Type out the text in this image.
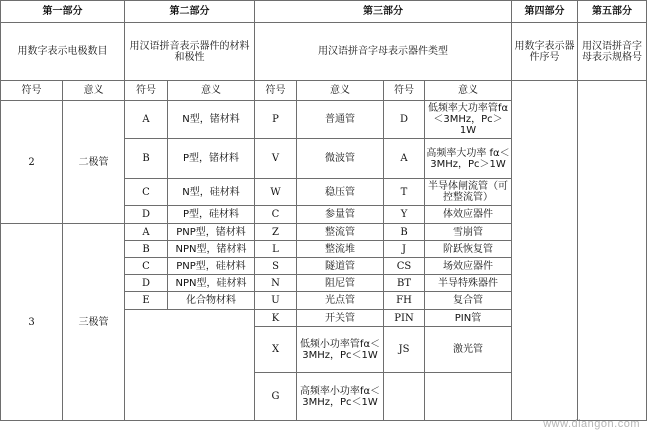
第一部分		第二部分		第三部分				第四部分	第五部分
用数字表示电极数目		用汉语拼音表示器件的材料和极性		用汉语拼音字母表示器件类型				用数字表示器件序号	用汉语拼音字母表示规格号
符号	意义	符号	意义	符号	意义	符号	意义		
2	二极管	A	N型，锗材料	P	普通管	D	低频率大功率管fα＜3MHz，Pc＞1W		
		B	P型，锗材料	V	微波管	A	高频率大功率 fα＜3MHz，Pc＞1W		
		C	N型，硅材料	W	稳压管	T	半导体闸流管（可控整流管）		
		D	P型，硅材料	C	参量管	Y	体效应器件		
3	三极管	A	PNP型，锗材料	Z	整流管	B	雪崩管		
		B	NPN型，锗材料	L	整流堆	J	阶跃恢复管		
		C	PNP型，硅材料	S	隧道管	CS	场效应器件		
		D	NPN型，硅材料	N	阻尼管	BT	半导特殊器件		
		E	化合物材料	U	光点管	FH	复合管		
				K	开关管	PIN	PIN管		
				X	低频小功率管fα＜3MHz，Pc＜1W	JS	激光管		
				G	高频率小功率fα＜3MHz，Pc＜1W				
www.diangon.com
